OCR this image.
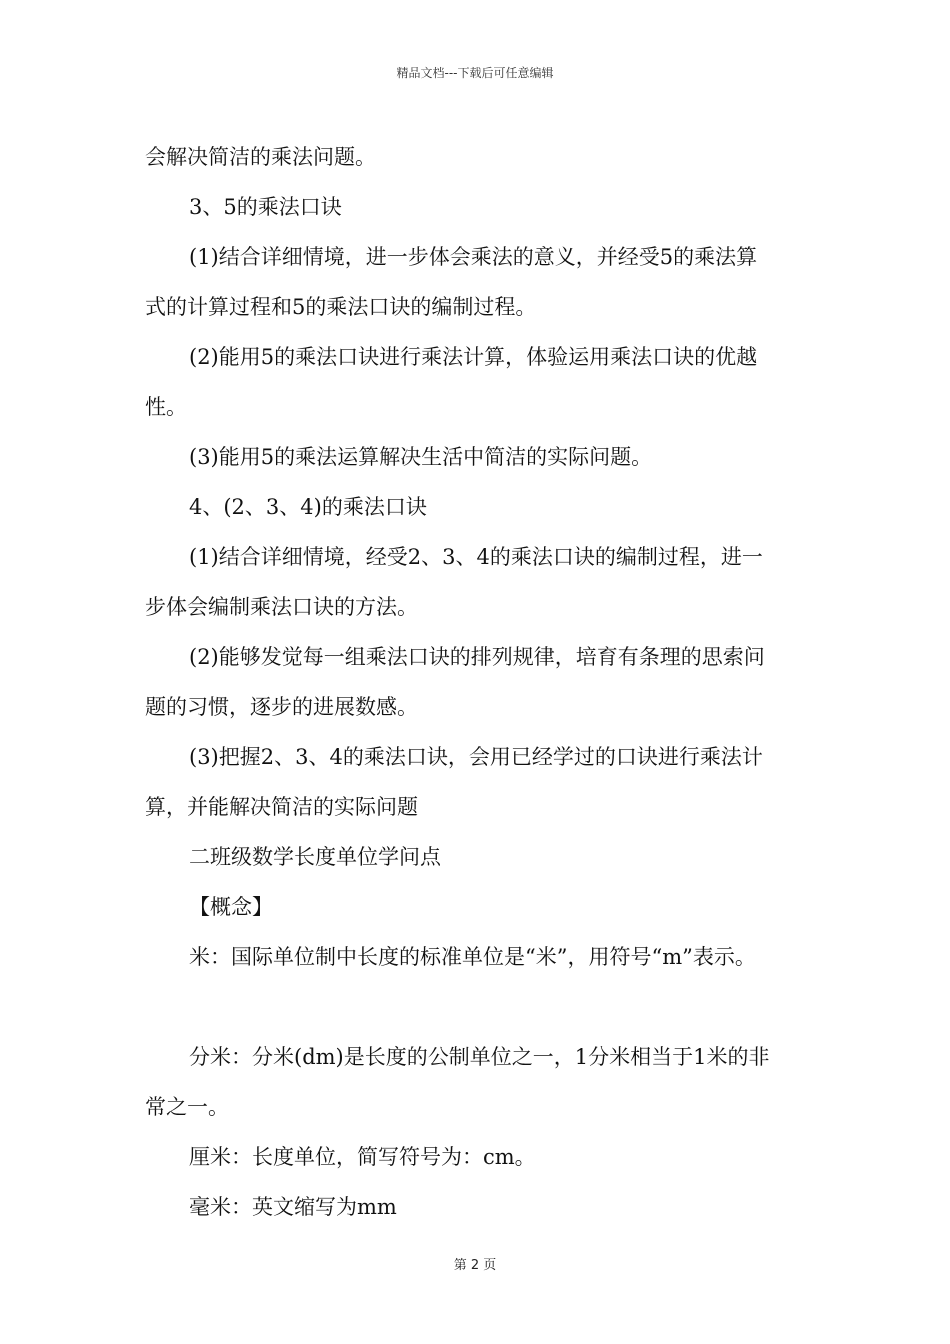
精品文档---下载后可任意编辑
会解决简洁的乘法问题。
3、5的乘法口诀
(1)结合详细情境，进一步体会乘法的意义，并经受5的乘法算
式的计算过程和5的乘法口诀的编制过程。
(2)能用5的乘法口诀进行乘法计算，体验运用乘法口诀的优越
性。
(3)能用5的乘法运算解决生活中简洁的实际问题。
4、(2、3、4)的乘法口诀
(1)结合详细情境，经受2、3、4的乘法口诀的编制过程，进一
步体会编制乘法口诀的方法。
(2)能够发觉每一组乘法口诀的排列规律，培育有条理的思索问
题的习惯，逐步的进展数感。
(3)把握2、3、4的乘法口诀，会用已经学过的口诀进行乘法计
算，并能解决简洁的实际问题
二班级数学长度单位学问点
【概念】
米：国际单位制中长度的标准单位是“米”，用符号“m”表示。
分米：分米(dm)是长度的公制单位之一，1分米相当于1米的非
常之一。
厘米：长度单位，简写符号为：cm。
毫米：英文缩写为mm
第 2 页
